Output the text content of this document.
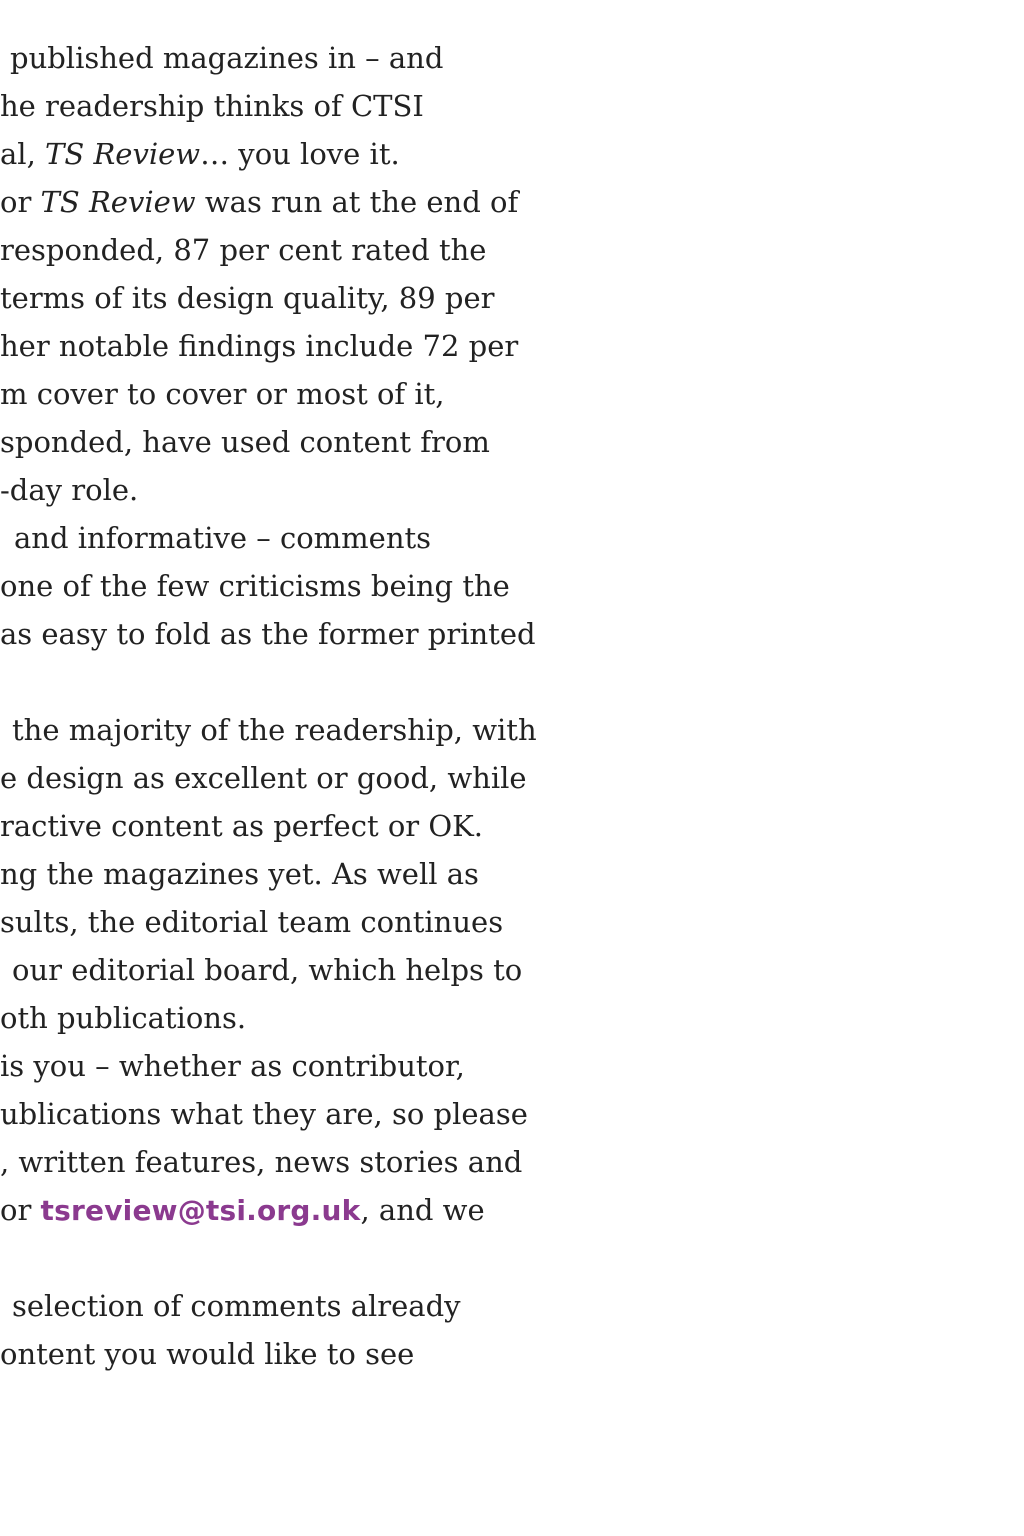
published magazines in – and
he readership thinks of CTSI
al, TS Review… you love it.
or TS Review was run at the end of
responded, 87 per cent rated the
terms of its design quality, 89 per
her notable findings include 72 per
m cover to cover or most of it,
sponded, have used content from
-day role.
and informative – comments
one of the few criticisms being the
as easy to fold as the former printed
the majority of the readership, with
e design as excellent or good, while
ractive content as perfect or OK.
ng the magazines yet. As well as
sults, the editorial team continues
our editorial board, which helps to
oth publications.
is you – whether as contributor,
ublications what they are, so please
, written features, news stories and
or tsreview@tsi.org.uk, and we
selection of comments already
ontent you would like to see
